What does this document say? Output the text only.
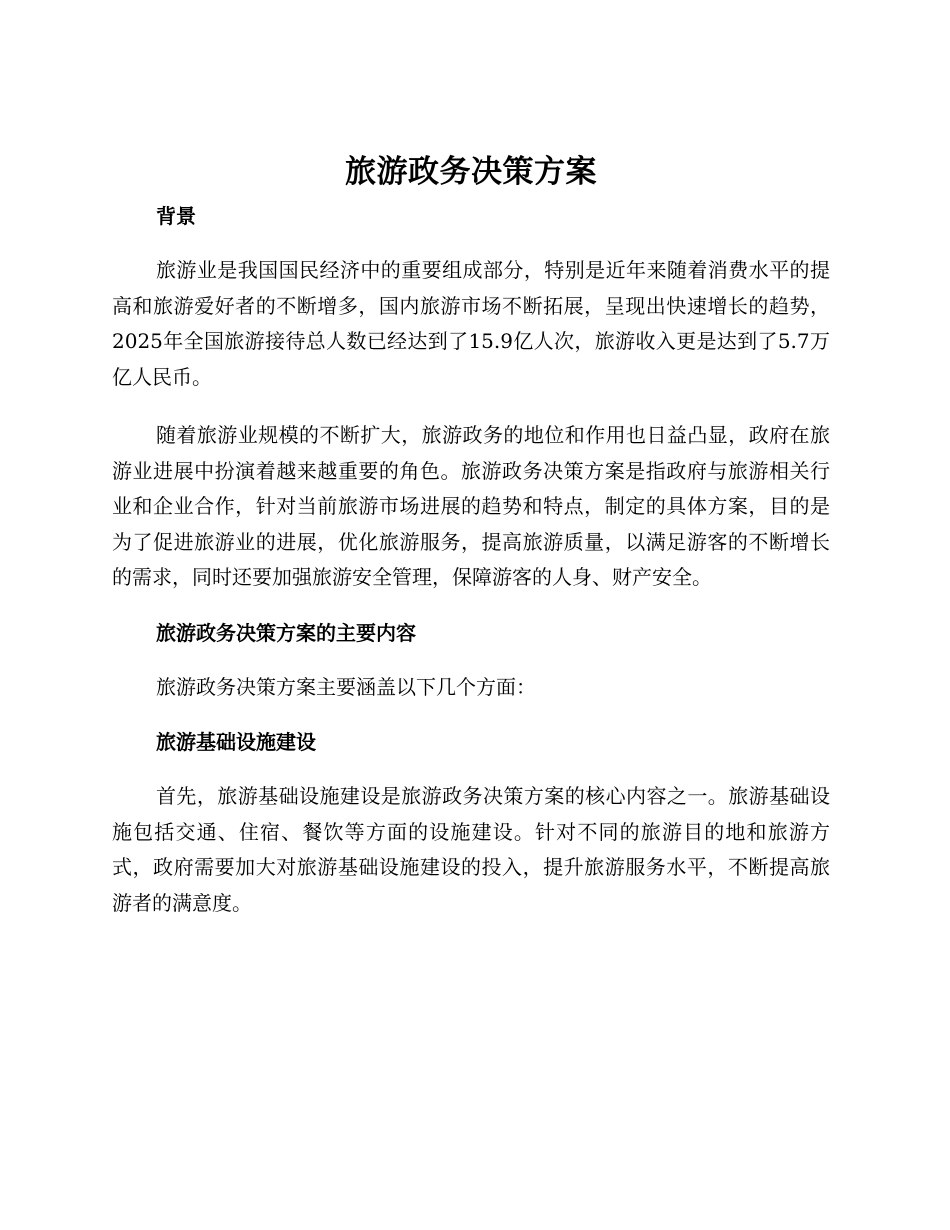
旅游政务决策方案
背景

旅游业是我国国民经济中的重要组成部分，特别是近年来随着消费水平的提高和旅游爱好者的不断增多，国内旅游市场不断拓展，呈现出快速增长的趋势，2025年全国旅游接待总人数已经达到了15.9亿人次，旅游收入更是达到了5.7万亿人民币。

随着旅游业规模的不断扩大，旅游政务的地位和作用也日益凸显，政府在旅游业进展中扮演着越来越重要的角色。旅游政务决策方案是指政府与旅游相关行业和企业合作，针对当前旅游市场进展的趋势和特点，制定的具体方案，目的是为了促进旅游业的进展，优化旅游服务，提高旅游质量，以满足游客的不断增长的需求，同时还要加强旅游安全管理，保障游客的人身、财产安全。

旅游政务决策方案的主要内容

旅游政务决策方案主要涵盖以下几个方面：

旅游基础设施建设

首先，旅游基础设施建设是旅游政务决策方案的核心内容之一。旅游基础设施包括交通、住宿、餐饮等方面的设施建设。针对不同的旅游目的地和旅游方式，政府需要加大对旅游基础设施建设的投入，提升旅游服务水平，不断提高旅游者的满意度。
